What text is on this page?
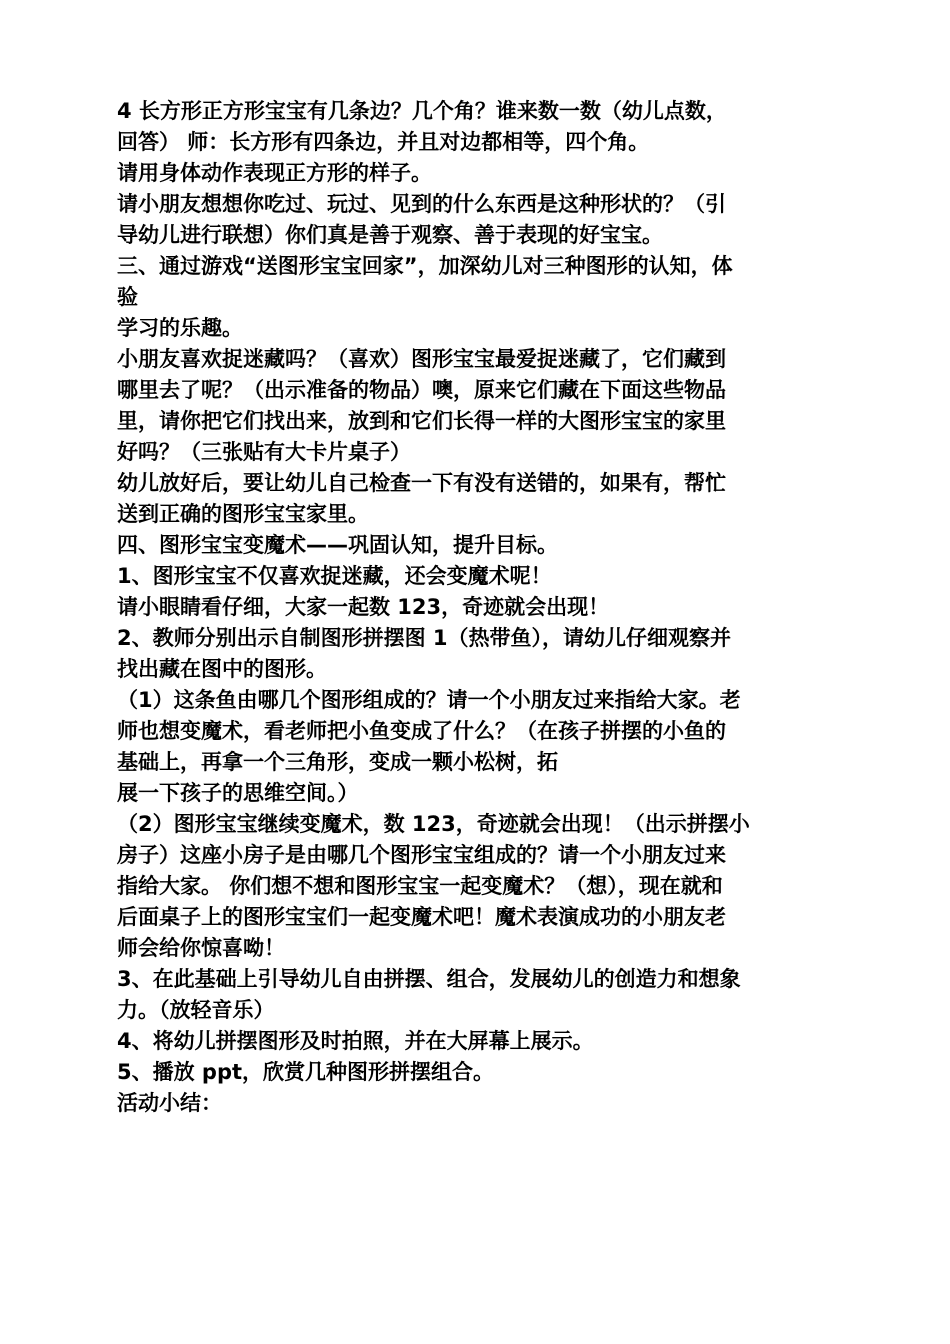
4 长方形正方形宝宝有几条边？几个角？谁来数一数（幼儿点数，
回答） 师：长方形有四条边，并且对边都相等，四个角。
请用身体动作表现正方形的样子。
请小朋友想想你吃过、玩过、见到的什么东西是这种形状的？（引
导幼儿进行联想）你们真是善于观察、善于表现的好宝宝。
三、通过游戏“送图形宝宝回家”，加深幼儿对三种图形的认知，体
验
学习的乐趣。
小朋友喜欢捉迷藏吗？（喜欢）图形宝宝最爱捉迷藏了，它们藏到
哪里去了呢？（出示准备的物品）噢，原来它们藏在下面这些物品
里，请你把它们找出来，放到和它们长得一样的大图形宝宝的家里
好吗？（三张贴有大卡片桌子）
幼儿放好后，要让幼儿自己检查一下有没有送错的，如果有，帮忙
送到正确的图形宝宝家里。
四、图形宝宝变魔术——巩固认知，提升目标。
1、图形宝宝不仅喜欢捉迷藏，还会变魔术呢！
请小眼睛看仔细，大家一起数 123，奇迹就会出现！
2、教师分别出示自制图形拼摆图 1（热带鱼），请幼儿仔细观察并
找出藏在图中的图形。
（1）这条鱼由哪几个图形组成的？请一个小朋友过来指给大家。老
师也想变魔术，看老师把小鱼变成了什么？（在孩子拼摆的小鱼的
基础上，再拿一个三角形，变成一颗小松树，拓
展一下孩子的思维空间。）
（2）图形宝宝继续变魔术，数 123，奇迹就会出现！（出示拼摆小
房子）这座小房子是由哪几个图形宝宝组成的？请一个小朋友过来
指给大家。 你们想不想和图形宝宝一起变魔术？（想），现在就和
后面桌子上的图形宝宝们一起变魔术吧！魔术表演成功的小朋友老
师会给你惊喜呦！
3、在此基础上引导幼儿自由拼摆、组合，发展幼儿的创造力和想象
力。（放轻音乐）
4、将幼儿拼摆图形及时拍照，并在大屏幕上展示。
5、播放 ppt，欣赏几种图形拼摆组合。
活动小结：
